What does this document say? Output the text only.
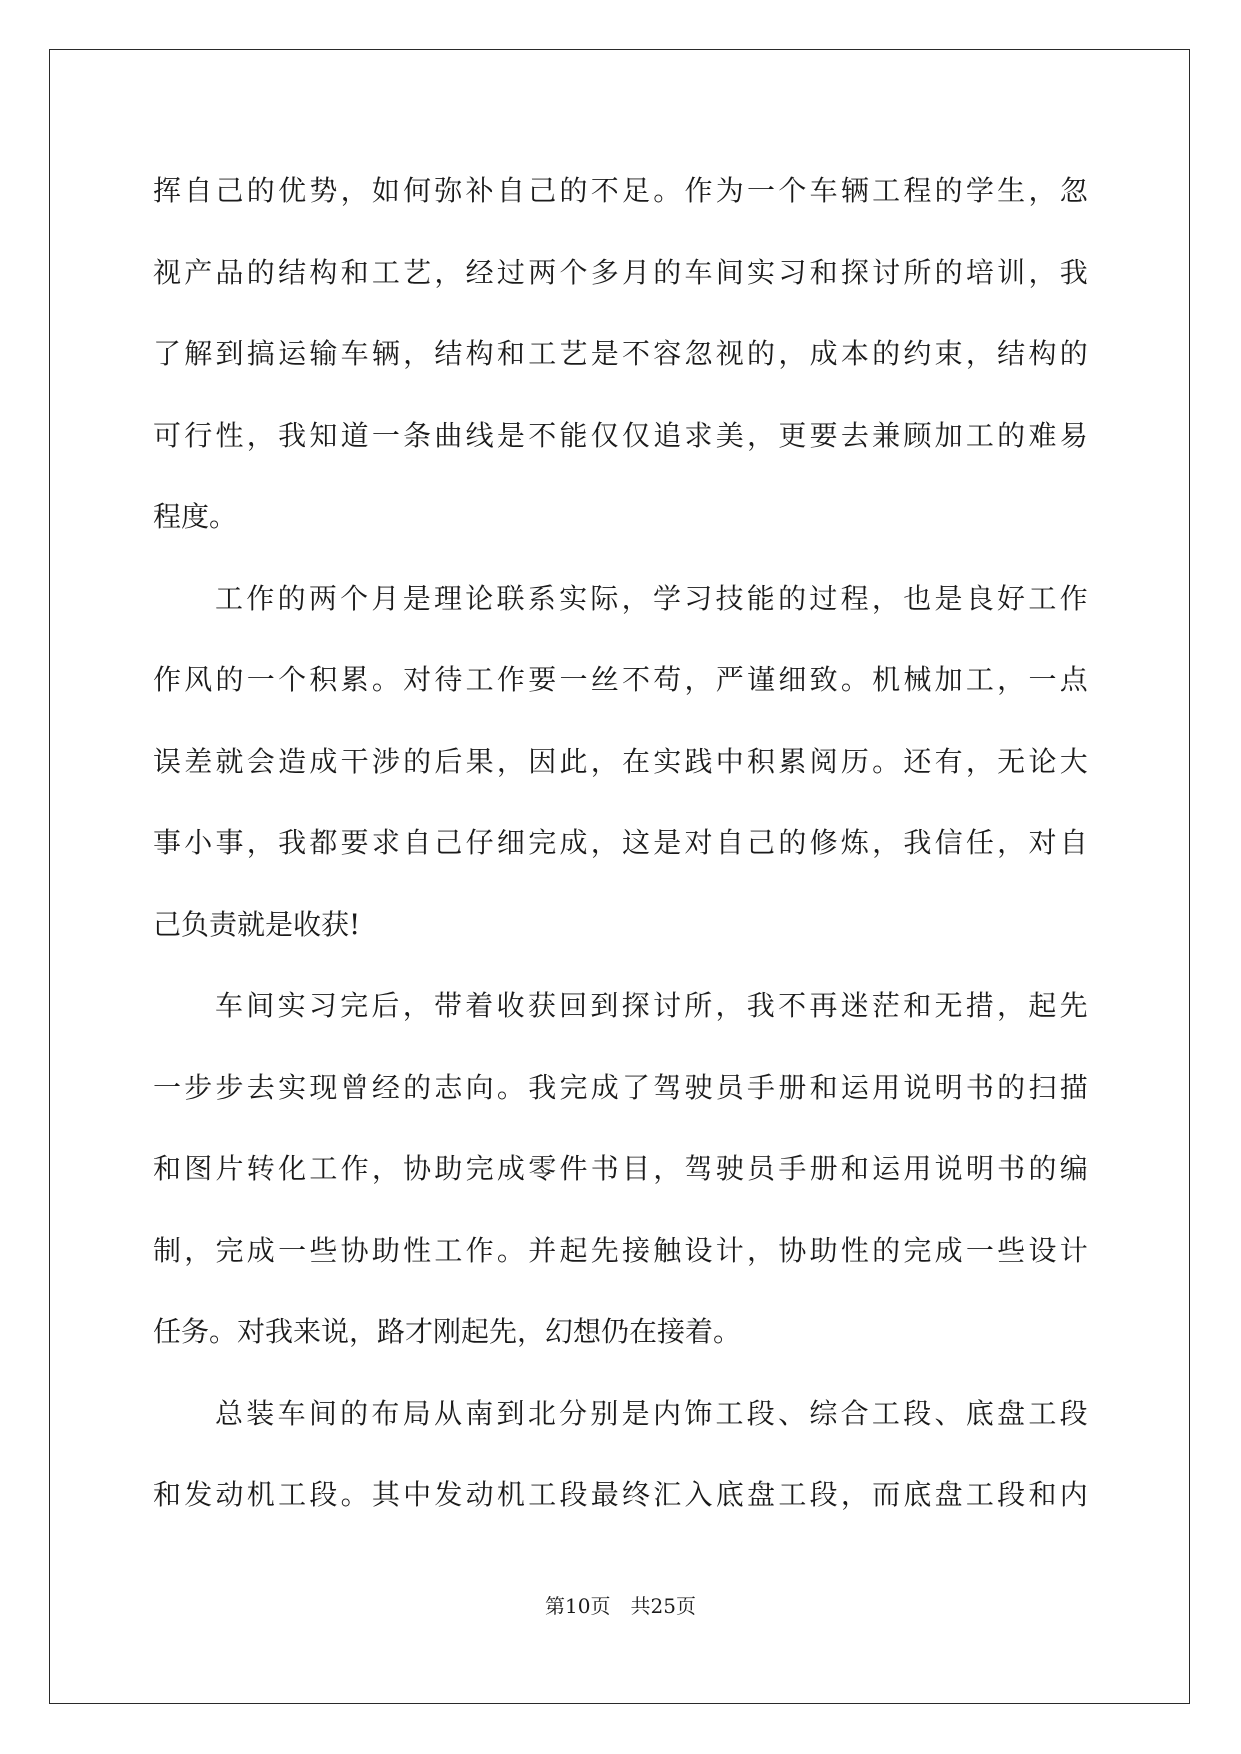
挥 自 己 的 优 势 ， 如 何 弥 补 自 己 的 不 足 。 作 为 一 个 车 辆 工 程 的 学 生 ， 忽
视 产 品 的 结 构 和 工 艺 ， 经 过 两 个 多 月 的 车 间 实 习 和 探 讨 所 的 培 训 ， 我
了 解 到 搞 运 输 车 辆 ， 结 构 和 工 艺 是 不 容 忽 视 的 ， 成 本 的 约 束 ， 结 构 的
可 行 性 ， 我 知 道 一 条 曲 线 是 不 能 仅 仅 追 求 美 ， 更 要 去 兼 顾 加 工 的 难 易
程度。
工 作 的 两 个 月 是 理 论 联 系 实 际 ， 学 习 技 能 的 过 程 ， 也 是 良 好 工 作
作 风 的 一 个 积 累 。 对 待 工 作 要 一 丝 不 苟 ， 严 谨 细 致 。 机 械 加 工 ， 一 点
误 差 就 会 造 成 干 涉 的 后 果 ， 因 此 ， 在 实 践 中 积 累 阅 历 。 还 有 ， 无 论 大
事 小 事 ， 我 都 要 求 自 己 仔 细 完 成 ， 这 是 对 自 己 的 修 炼 ， 我 信 任 ， 对 自
己负责就是收获!
车 间 实 习 完 后 ， 带 着 收 获 回 到 探 讨 所 ， 我 不 再 迷 茫 和 无 措 ， 起 先
一 步 步 去 实 现 曾 经 的 志 向 。 我 完 成 了 驾 驶 员 手 册 和 运 用 说 明 书 的 扫 描
和 图 片 转 化 工 作 ， 协 助 完 成 零 件 书 目 ， 驾 驶 员 手 册 和 运 用 说 明 书 的 编
制 ， 完 成 一 些 协 助 性 工 作 。 并 起 先 接 触 设 计 ， 协 助 性 的 完 成 一 些 设 计
任务。对我来说，路才刚起先，幻想仍在接着。
总 装 车 间 的 布 局 从 南 到 北 分 别 是 内 饰 工 段 、 综 合 工 段 、 底 盘 工 段
和 发 动 机 工 段 。 其 中 发 动 机 工 段 最 终 汇 入 底 盘 工 段 ， 而 底 盘 工 段 和 内
第10页 共25页
